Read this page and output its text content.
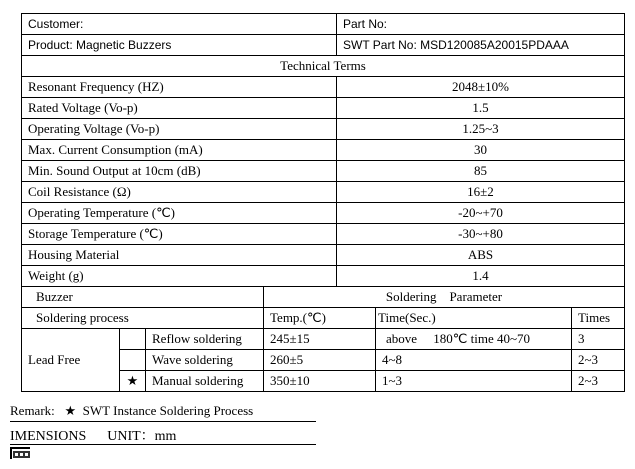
Customer:	Part No:
Product: Magnetic Buzzers	SWT Part No: MSD120085A20015PDAAA
Technical Terms	
Resonant Frequency (HZ)	2048±10%
Rated Voltage (Vo-p)	1.5
Operating Voltage (Vo-p)	1.25~3
Max. Current Consumption (mA)	30
Min. Sound Output at 10cm (dB)	85
Coil Resistance (Ω)	16±2
Operating Temperature (℃)	-20~+70
Storage Temperature (℃)	-30~+80
Housing Material	ABS
Weight (g)	1.4
Buzzer			Soldering    Parameter		
Soldering process			Temp.(℃)	Time(Sec.)	Times
Lead Free		Reflow soldering	245±15	above     180℃ time 40~70	3
		Wave soldering	260±5	4~8	2~3
	★	Manual soldering	350±10	1~3	2~3
Remark:   ★  SWT Instance Soldering Process
IMENSIONS      UNIT：mm
